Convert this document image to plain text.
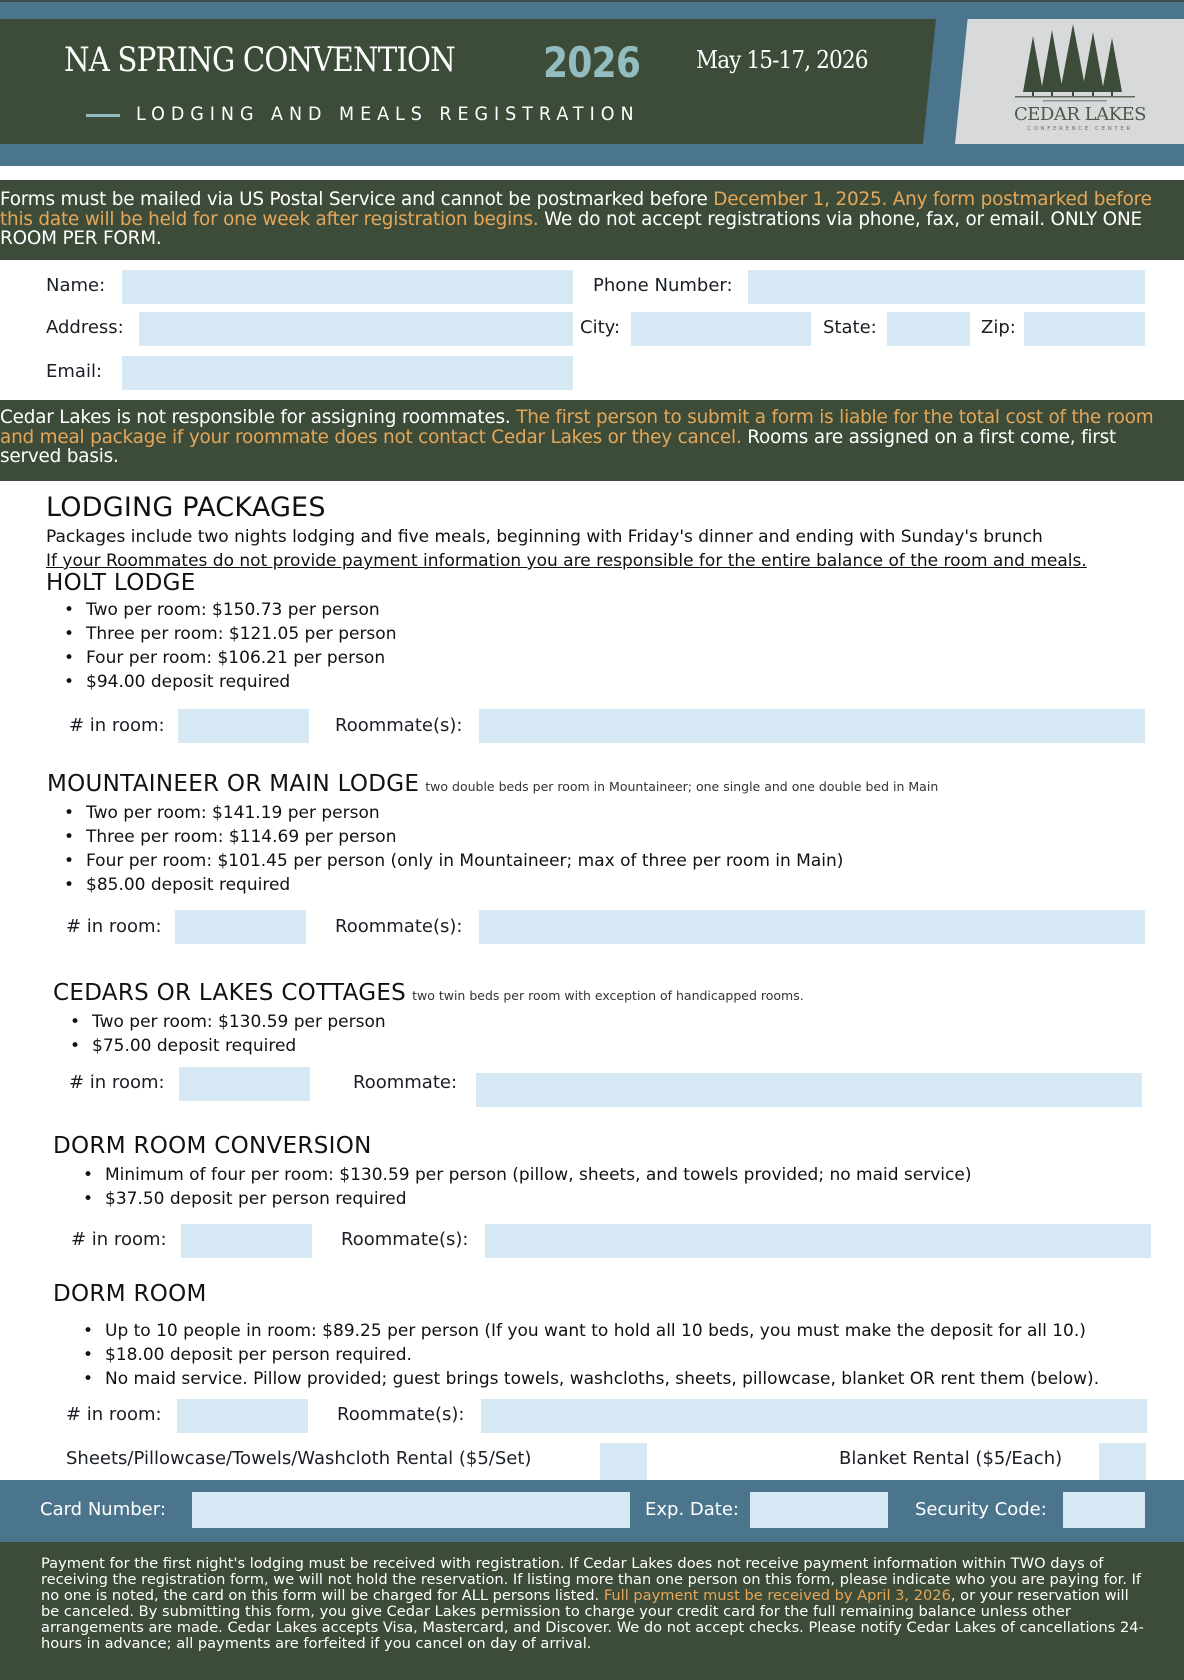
NA SPRING CONVENTION 2026 May 15-17, 2026
LODGING AND MEALS REGISTRATION	CEDAR LAKES
CONFERENCE CENTER

Forms must be mailed via US Postal Service and cannot be postmarked before December 1, 2025. Any form postmarked before this date will be held for one week after registration begins. We do not accept registrations via phone, fax, or email. ONLY ONE ROOM PER FORM.

Name:	Phone Number:
Address:	City:	State:	Zip:
Email:

Cedar Lakes is not responsible for assigning roommates. The first person to submit a form is liable for the total cost of the room and meal package if your roommate does not contact Cedar Lakes or they cancel. Rooms are assigned on a first come, first served basis.

LODGING PACKAGES
Packages include two nights lodging and five meals, beginning with Friday's dinner and ending with Sunday's brunch
If your Roommates do not provide payment information you are responsible for the entire balance of the room and meals.
HOLT LODGE
• Two per room: $150.73 per person
• Three per room: $121.05 per person
• Four per room: $106.21 per person
• $94.00 deposit required
# in room:	Roommate(s):
MOUNTAINEER OR MAIN LODGE two double beds per room in Mountaineer; one single and one double bed in Main
• Two per room: $141.19 per person
• Three per room: $114.69 per person
• Four per room: $101.45 per person (only in Mountaineer; max of three per room in Main)
• $85.00 deposit required
# in room:	Roommate(s):
CEDARS OR LAKES COTTAGES two twin beds per room with exception of handicapped rooms.
• Two per room: $130.59 per person
• $75.00 deposit required
# in room:	Roommate:
DORM ROOM CONVERSION
• Minimum of four per room: $130.59 per person (pillow, sheets, and towels provided; no maid service)
• $37.50 deposit per person required
# in room:	Roommate(s):
DORM ROOM
• Up to 10 people in room: $89.25 per person (If you want to hold all 10 beds, you must make the deposit for all 10.)
• $18.00 deposit per person required.
• No maid service. Pillow provided; guest brings towels, washcloths, sheets, pillowcase, blanket OR rent them (below).
# in room:	Roommate(s):
Sheets/Pillowcase/Towels/Washcloth Rental ($5/Set)	Blanket Rental ($5/Each)
Card Number:	Exp. Date:	Security Code:

Payment for the first night's lodging must be received with registration. If Cedar Lakes does not receive payment information within TWO days of receiving the registration form, we will not hold the reservation. If listing more than one person on this form, please indicate who you are paying for. If no one is noted, the card on this form will be charged for ALL persons listed. Full payment must be received by April 3, 2026, or your reservation will be canceled. By submitting this form, you give Cedar Lakes permission to charge your credit card for the full remaining balance unless other arrangements are made. Cedar Lakes accepts Visa, Mastercard, and Discover. We do not accept checks. Please notify Cedar Lakes of cancellations 24-hours in advance; all payments are forfeited if you cancel on day of arrival.
